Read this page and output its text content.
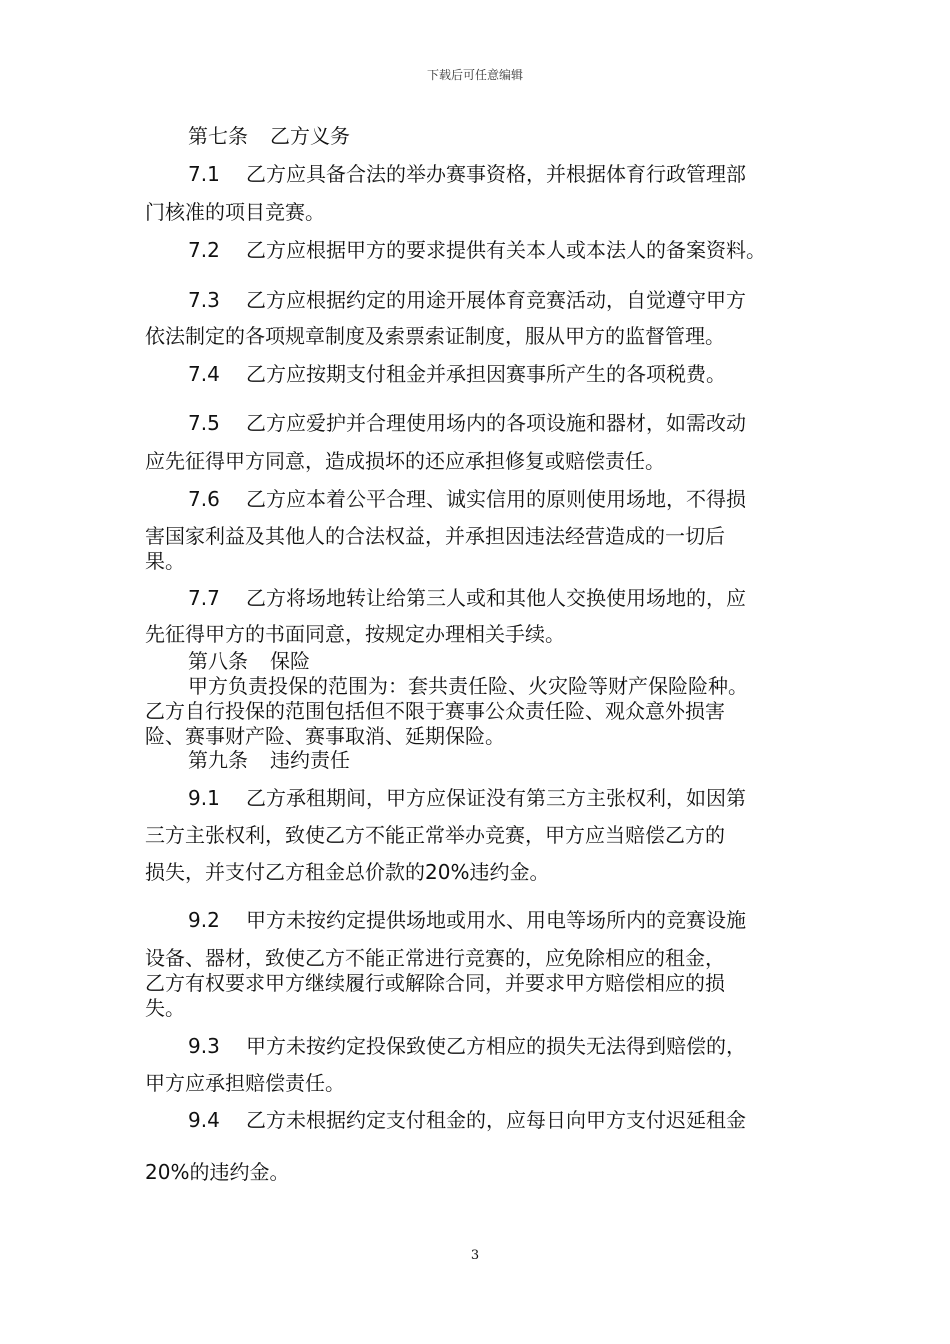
下载后可任意编辑
第七条 乙方义务
7.1 乙方应具备合法的举办赛事资格，并根据体育行政管理部
门核准的项目竞赛。
7.2 乙方应根据甲方的要求提供有关本人或本法人的备案资料。
7.3 乙方应根据约定的用途开展体育竞赛活动，自觉遵守甲方
依法制定的各项规章制度及索票索证制度，服从甲方的监督管理。
7.4 乙方应按期支付租金并承担因赛事所产生的各项税费。
7.5 乙方应爱护并合理使用场内的各项设施和器材，如需改动
应先征得甲方同意，造成损坏的还应承担修复或赔偿责任。
7.6 乙方应本着公平合理、诚实信用的原则使用场地，不得损
害国家利益及其他人的合法权益，并承担因违法经营造成的一切后
果。
7.7 乙方将场地转让给第三人或和其他人交换使用场地的，应
先征得甲方的书面同意，按规定办理相关手续。
第八条 保险
甲方负责投保的范围为：套共责任险、火灾险等财产保险险种。
乙方自行投保的范围包括但不限于赛事公众责任险、观众意外损害
险、赛事财产险、赛事取消、延期保险。
第九条 违约责任
9.1 乙方承租期间，甲方应保证没有第三方主张权利，如因第
三方主张权利，致使乙方不能正常举办竞赛，甲方应当赔偿乙方的
损失，并支付乙方租金总价款的20%违约金。
9.2 甲方未按约定提供场地或用水、用电等场所内的竞赛设施
设备、器材，致使乙方不能正常进行竞赛的，应免除相应的租金，
乙方有权要求甲方继续履行或解除合同，并要求甲方赔偿相应的损
失。
9.3 甲方未按约定投保致使乙方相应的损失无法得到赔偿的，
甲方应承担赔偿责任。
9.4 乙方未根据约定支付租金的，应每日向甲方支付迟延租金
20%的违约金。
3
